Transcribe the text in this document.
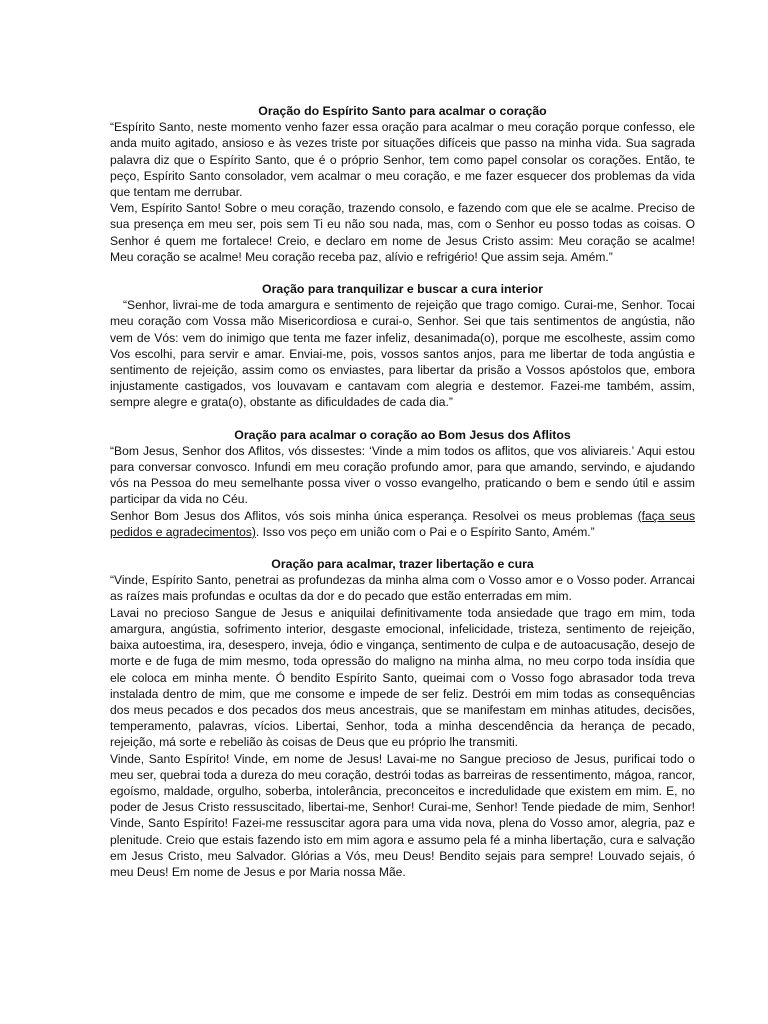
Oração do Espírito Santo para acalmar o coração

“Espírito Santo, neste momento venho fazer essa oração para acalmar o meu coração porque confesso, ele anda muito agitado, ansioso e às vezes triste por situações difíceis que passo na minha vida. Sua sagrada palavra diz que o Espírito Santo, que é o próprio Senhor, tem como papel consolar os corações. Então, te peço, Espírito Santo consolador, vem acalmar o meu coração, e me fazer esquecer dos problemas da vida que tentam me derrubar.

Vem, Espírito Santo! Sobre o meu coração, trazendo consolo, e fazendo com que ele se acalme. Preciso de sua presença em meu ser, pois sem Ti eu não sou nada, mas, com o Senhor eu posso todas as coisas. O Senhor é quem me fortalece! Creio, e declaro em nome de Jesus Cristo assim: Meu coração se acalme! Meu coração se acalme! Meu coração receba paz, alívio e refrigério! Que assim seja. Amém.”

Oração para tranquilizar e buscar a cura interior

“Senhor, livrai-me de toda amargura e sentimento de rejeição que trago comigo. Curai-me, Senhor. Tocai meu coração com Vossa mão Misericordiosa e curai-o, Senhor. Sei que tais sentimentos de angústia, não vem de Vós: vem do inimigo que tenta me fazer infeliz, desanimada(o), porque me escolheste, assim como Vos escolhi, para servir e amar. Enviai-me, pois, vossos santos anjos, para me libertar de toda angústia e sentimento de rejeição, assim como os enviastes, para libertar da prisão a Vossos apóstolos que, embora injustamente castigados, vos louvavam e cantavam com alegria e destemor. Fazei-me também, assim, sempre alegre e grata(o), obstante as dificuldades de cada dia.”

Oração para acalmar o coração ao Bom Jesus dos Aflitos

“Bom Jesus, Senhor dos Aflitos, vós dissestes: ‘Vinde a mim todos os aflitos, que vos aliviareis.’ Aqui estou para conversar convosco. Infundi em meu coração profundo amor, para que amando, servindo, e ajudando vós na Pessoa do meu semelhante possa viver o vosso evangelho, praticando o bem e sendo útil e assim participar da vida no Céu.

Senhor Bom Jesus dos Aflitos, vós sois minha única esperança. Resolvei os meus problemas (faça seus pedidos e agradecimentos). Isso vos peço em união com o Pai e o Espírito Santo, Amém.”

Oração para acalmar, trazer libertação e cura

“Vinde, Espírito Santo, penetrai as profundezas da minha alma com o Vosso amor e o Vosso poder. Arrancai as raízes mais profundas e ocultas da dor e do pecado que estão enterradas em mim.

Lavai no precioso Sangue de Jesus e aniquilai definitivamente toda ansiedade que trago em mim, toda amargura, angústia, sofrimento interior, desgaste emocional, infelicidade, tristeza, sentimento de rejeição, baixa autoestima, ira, desespero, inveja, ódio e vingança, sentimento de culpa e de autoacusação, desejo de morte e de fuga de mim mesmo, toda opressão do maligno na minha alma, no meu corpo toda insídia que ele coloca em minha mente. Ó bendito Espírito Santo, queimai com o Vosso fogo abrasador toda treva instalada dentro de mim, que me consome e impede de ser feliz. Destrói em mim todas as consequências dos meus pecados e dos pecados dos meus ancestrais, que se manifestam em minhas atitudes, decisões, temperamento, palavras, vícios. Libertai, Senhor, toda a minha descendência da herança de pecado, rejeição, má sorte e rebelião às coisas de Deus que eu próprio lhe transmiti.

Vinde, Santo Espírito! Vinde, em nome de Jesus! Lavai-me no Sangue precioso de Jesus, purificai todo o meu ser, quebrai toda a dureza do meu coração, destrói todas as barreiras de ressentimento, mágoa, rancor, egoísmo, maldade, orgulho, soberba, intolerância, preconceitos e incredulidade que existem em mim. E, no poder de Jesus Cristo ressuscitado, libertai-me, Senhor! Curai-me, Senhor! Tende piedade de mim, Senhor! Vinde, Santo Espírito! Fazei-me ressuscitar agora para uma vida nova, plena do Vosso amor, alegria, paz e plenitude. Creio que estais fazendo isto em mim agora e assumo pela fé a minha libertação, cura e salvação em Jesus Cristo, meu Salvador. Glórias a Vós, meu Deus! Bendito sejais para sempre! Louvado sejais, ó meu Deus! Em nome de Jesus e por Maria nossa Mãe.
